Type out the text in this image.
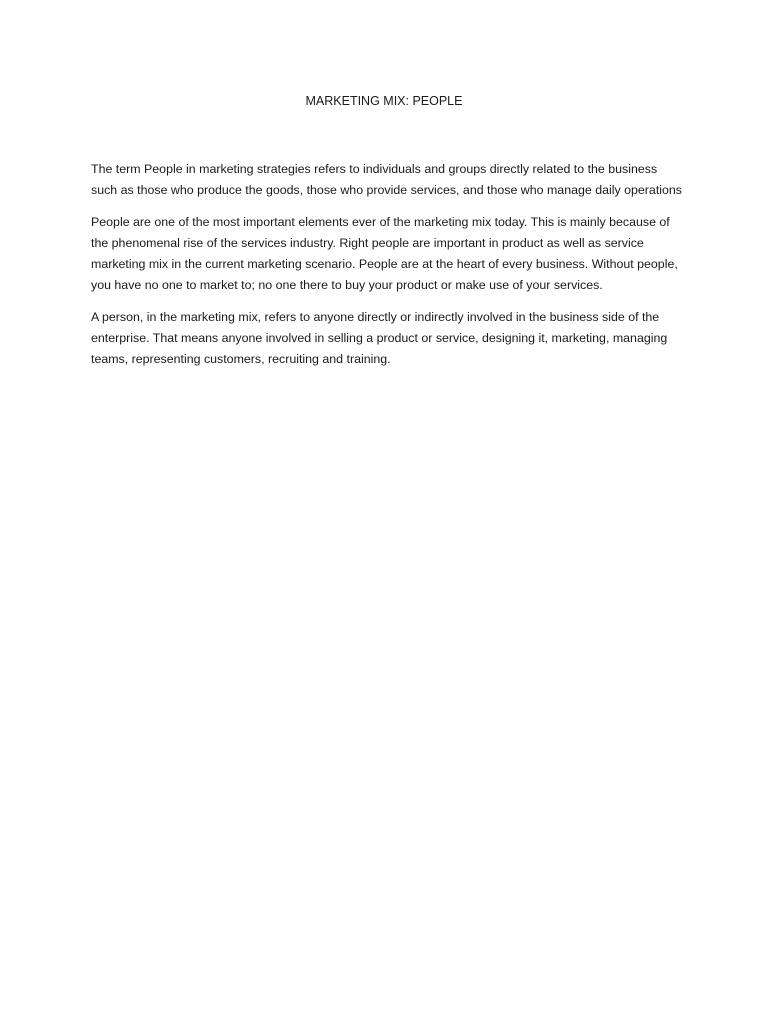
MARKETING MIX: PEOPLE

The term People in marketing strategies refers to individuals and groups directly related to the business such as those who produce the goods, those who provide services, and those who manage daily operations

People are one of the most important elements ever of the marketing mix today. This is mainly because of the phenomenal rise of the services industry. Right people are important in product as well as service marketing mix in the current marketing scenario. People are at the heart of every business. Without people, you have no one to market to; no one there to buy your product or make use of your services.

A person, in the marketing mix, refers to anyone directly or indirectly involved in the business side of the enterprise. That means anyone involved in selling a product or service, designing it, marketing, managing teams, representing customers, recruiting and training.
